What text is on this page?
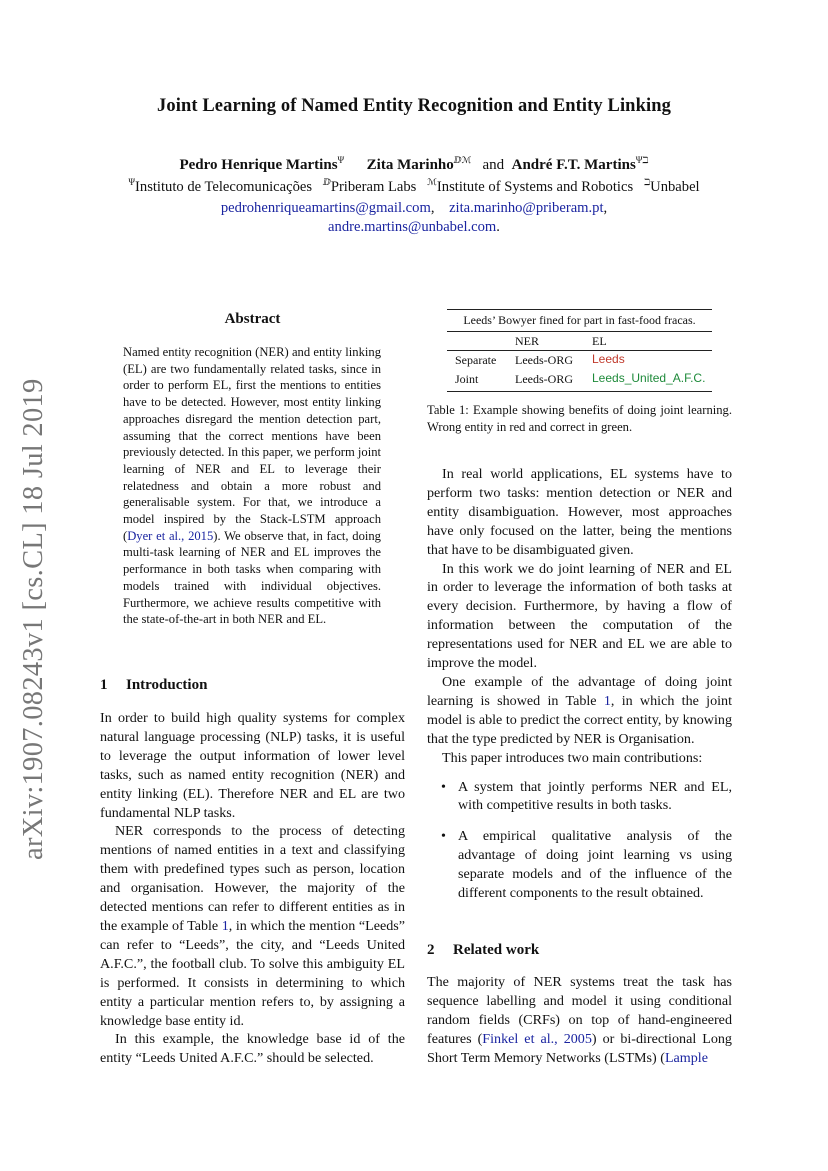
Joint Learning of Named Entity Recognition and Entity Linking
Pedro Henrique Martins$^\Psi$ Zita Marinho$^{ⅅℳ}$ and André F.T. Martins$^{\Psi ℶ}$
$^\Psi$Instituto de Telecomunicações $^ⅅ$Priberam Labs $^ℳ$Institute of Systems and Robotics $^ℶ$Unbabel
pedrohenriqueamartins@gmail.com, zita.marinho@priberam.pt,
andre.martins@unbabel.com.
arXiv:1907.08243v1 [cs.CL] 18 Jul 2019
Abstract
Named entity recognition (NER) and entity linking (EL) are two fundamentally related tasks, since in order to perform EL, first the mentions to entities have to be detected. However, most entity linking approaches disregard the mention detection part, assuming that the correct mentions have been previously detected. In this paper, we perform joint learning of NER and EL to leverage their relatedness and obtain a more robust and generalisable system. For that, we introduce a model inspired by the Stack-LSTM approach (Dyer et al., 2015). We observe that, in fact, doing multi-task learning of NER and EL improves the performance in both tasks when comparing with models trained with individual objectives. Furthermore, we achieve results competitive with the state-of-the-art in both NER and EL.
1 Introduction

In order to build high quality systems for complex natural language processing (NLP) tasks, it is useful to leverage the output information of lower level tasks, such as named entity recognition (NER) and entity linking (EL). Therefore NER and EL are two fundamental NLP tasks.

NER corresponds to the process of detecting mentions of named entities in a text and classifying them with predefined types such as person, location and organisation. However, the majority of the detected mentions can refer to different entities as in the example of Table 1, in which the mention “Leeds” can refer to “Leeds”, the city, and “Leeds United A.F.C.”, the football club. To solve this ambiguity EL is performed. It consists in determining to which entity a particular mention refers to, by assigning a knowledge base entity id.

In this example, the knowledge base id of the entity “Leeds United A.F.C.” should be selected.

Leeds’ Bowyer fined for part in fast-food fracas.
NER	EL
Separate Leeds-ORG Leeds
Joint	Leeds-ORG Leeds_United_A.F.C.
Table 1: Example showing benefits of doing joint learning. Wrong entity in red and correct in green.

In real world applications, EL systems have to perform two tasks: mention detection or NER and entity disambiguation. However, most approaches have only focused on the latter, being the mentions that have to be disambiguated given.

In this work we do joint learning of NER and EL in order to leverage the information of both tasks at every decision. Furthermore, by having a flow of information between the computation of the representations used for NER and EL we are able to improve the model.

One example of the advantage of doing joint learning is showed in Table 1, in which the joint model is able to predict the correct entity, by knowing that the type predicted by NER is Organisation.

This paper introduces two main contributions:

• A system that jointly performs NER and EL, with competitive results in both tasks.
• A empirical qualitative analysis of the advantage of doing joint learning vs using separate models and of the influence of the different components to the result obtained.
2 Related work

The majority of NER systems treat the task has sequence labelling and model it using conditional random fields (CRFs) on top of hand-engineered features (Finkel et al., 2005) or bi-directional Long Short Term Memory Networks (LSTMs) (Lample
